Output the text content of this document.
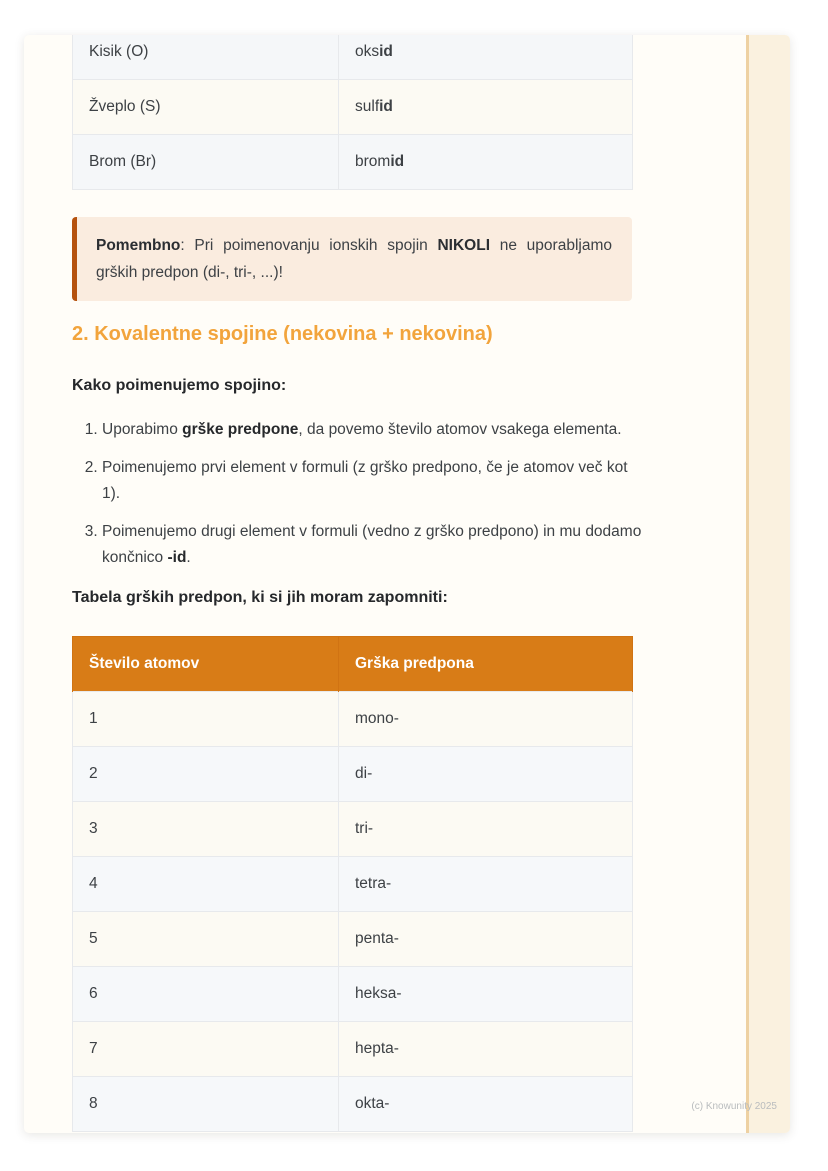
Kisik (O)	oksid
Žveplo (S)	sulfid
Brom (Br)	bromid

Pomembno: Pri poimenovanju ionskih spojin NIKOLI ne uporabljamo grških predpon (di-, tri-, ...)!

2. Kovalentne spojine (nekovina + nekovina)

Kako poimenujemo spojino:

1. Uporabimo grške predpone, da povemo število atomov vsakega elementa.
2. Poimenujemo prvi element v formuli (z grško predpono, če je atomov več kot 1).
3. Poimenujemo drugi element v formuli (vedno z grško predpono) in mu dodamo končnico -id.

Tabela grških predpon, ki si jih moram zapomniti:

Število atomov	Grška predpona
1	mono-
2	di-
3	tri-
4	tetra-
5	penta-
6	heksa-
7	hepta-
8	okta-	(c) Knowunity 2025
